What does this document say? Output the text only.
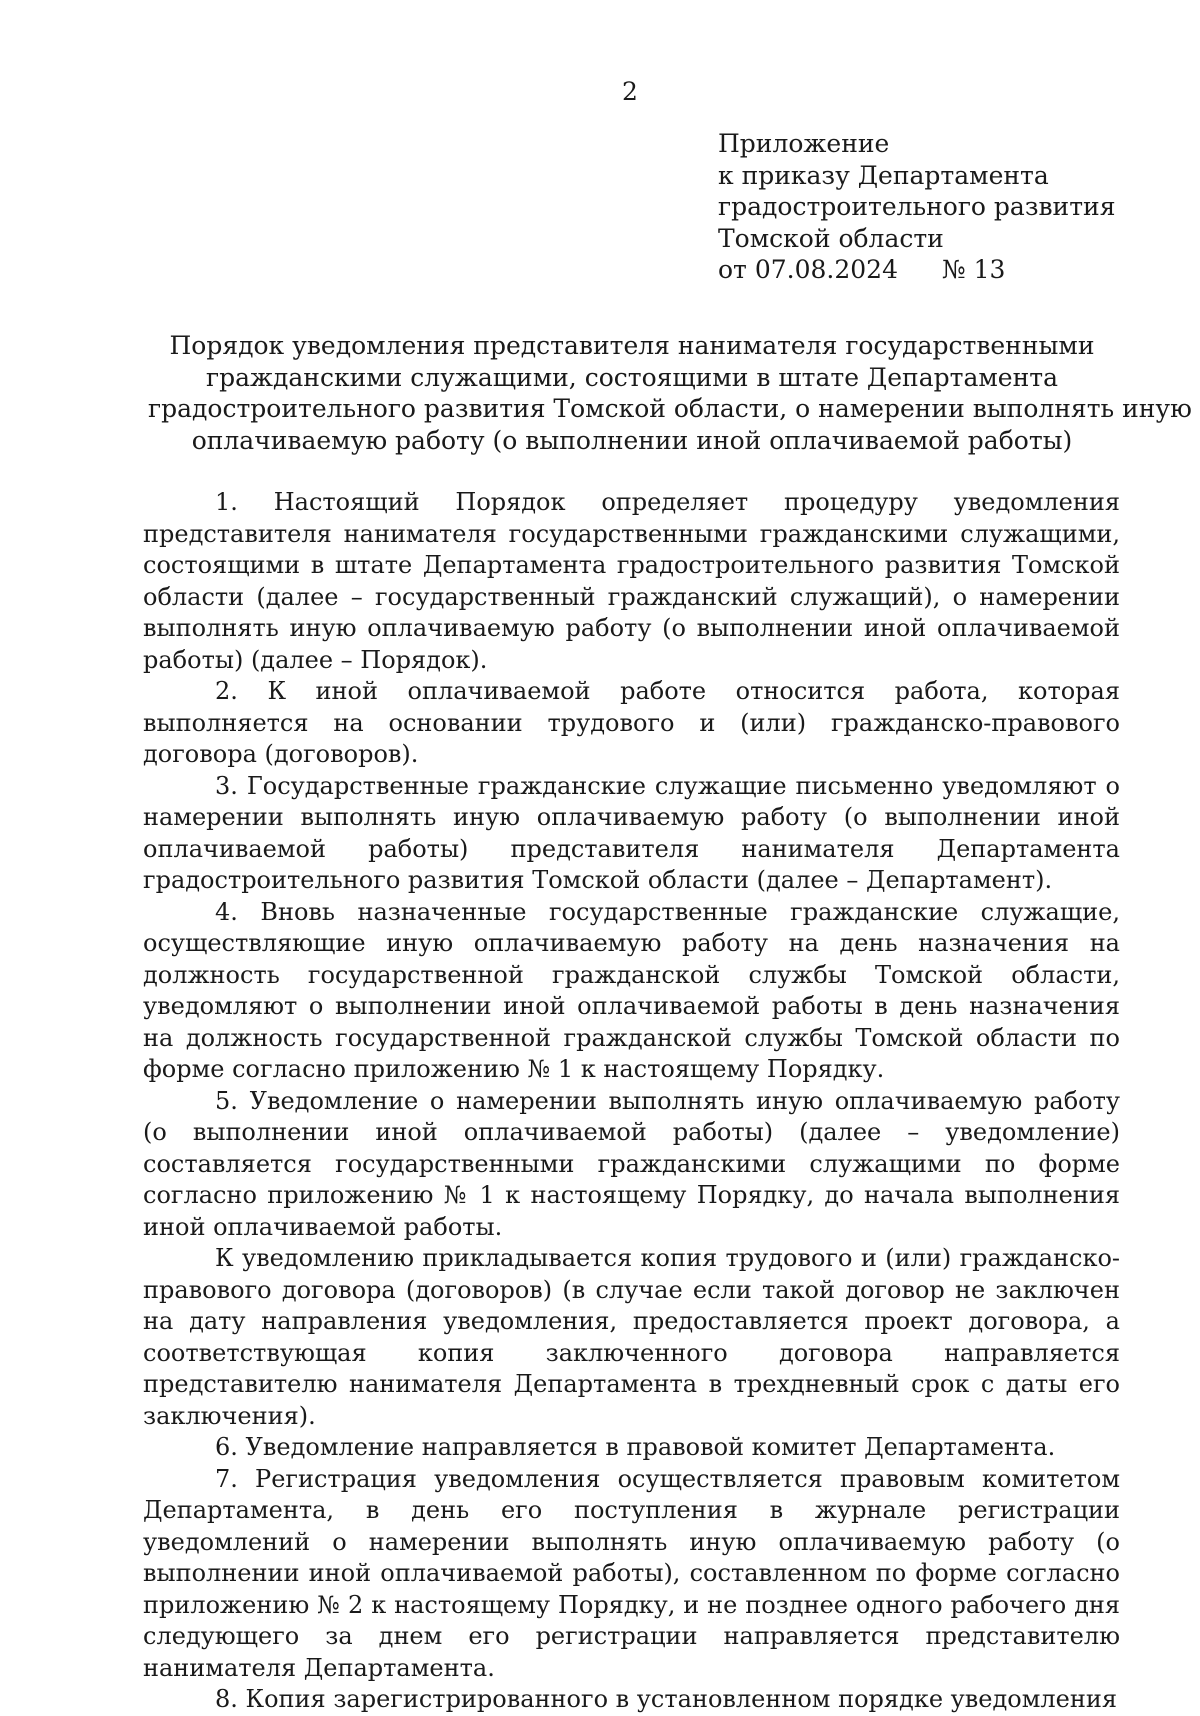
2
Приложение
к приказу Департамента
градостроительного развития
Томской области
от 07.08.2024 № 13
Порядок уведомления представителя нанимателя государственными
гражданскими служащими, состоящими в штате Департамента
градостроительного развития Томской области, о намерении выполнять иную
оплачиваемую работу (о выполнении иной оплачиваемой работы)

1. Настоящий Порядок определяет процедуру уведомления представителя нанимателя государственными гражданскими служащими, состоящими в штате Департамента градостроительного развития Томской области (далее – государственный гражданский служащий), о намерении выполнять иную оплачиваемую работу (о выполнении иной оплачиваемой работы) (далее – Порядок).

2. К иной оплачиваемой работе относится работа, которая выполняется на основании трудового и (или) гражданско-правового договора (договоров).

3. Государственные гражданские служащие письменно уведомляют о намерении выполнять иную оплачиваемую работу (о выполнении иной оплачиваемой работы) представителя нанимателя Департамента градостроительного развития Томской области (далее – Департамент).

4. Вновь назначенные государственные гражданские служащие, осуществляющие иную оплачиваемую работу на день назначения на должность государственной гражданской службы Томской области, уведомляют о выполнении иной оплачиваемой работы в день назначения на должность государственной гражданской службы Томской области по форме согласно приложению № 1 к настоящему Порядку.

5. Уведомление о намерении выполнять иную оплачиваемую работу (о выполнении иной оплачиваемой работы) (далее – уведомление) составляется государственными гражданскими служащими по форме согласно приложению № 1 к настоящему Порядку, до начала выполнения иной оплачиваемой работы.

К уведомлению прикладывается копия трудового и (или) гражданско-правового договора (договоров) (в случае если такой договор не заключен на дату направления уведомления, предоставляется проект договора, а соответствующая копия заключенного договора направляется представителю нанимателя Департамента в трехдневный срок с даты его заключения).

6. Уведомление направляется в правовой комитет Департамента.

7. Регистрация уведомления осуществляется правовым комитетом Департамента, в день его поступления в журнале регистрации уведомлений о намерении выполнять иную оплачиваемую работу (о выполнении иной оплачиваемой работы), составленном по форме согласно приложению № 2 к настоящему Порядку, и не позднее одного рабочего дня следующего за днем его регистрации направляется представителю нанимателя Департамента.

8. Копия зарегистрированного в установленном порядке уведомления
